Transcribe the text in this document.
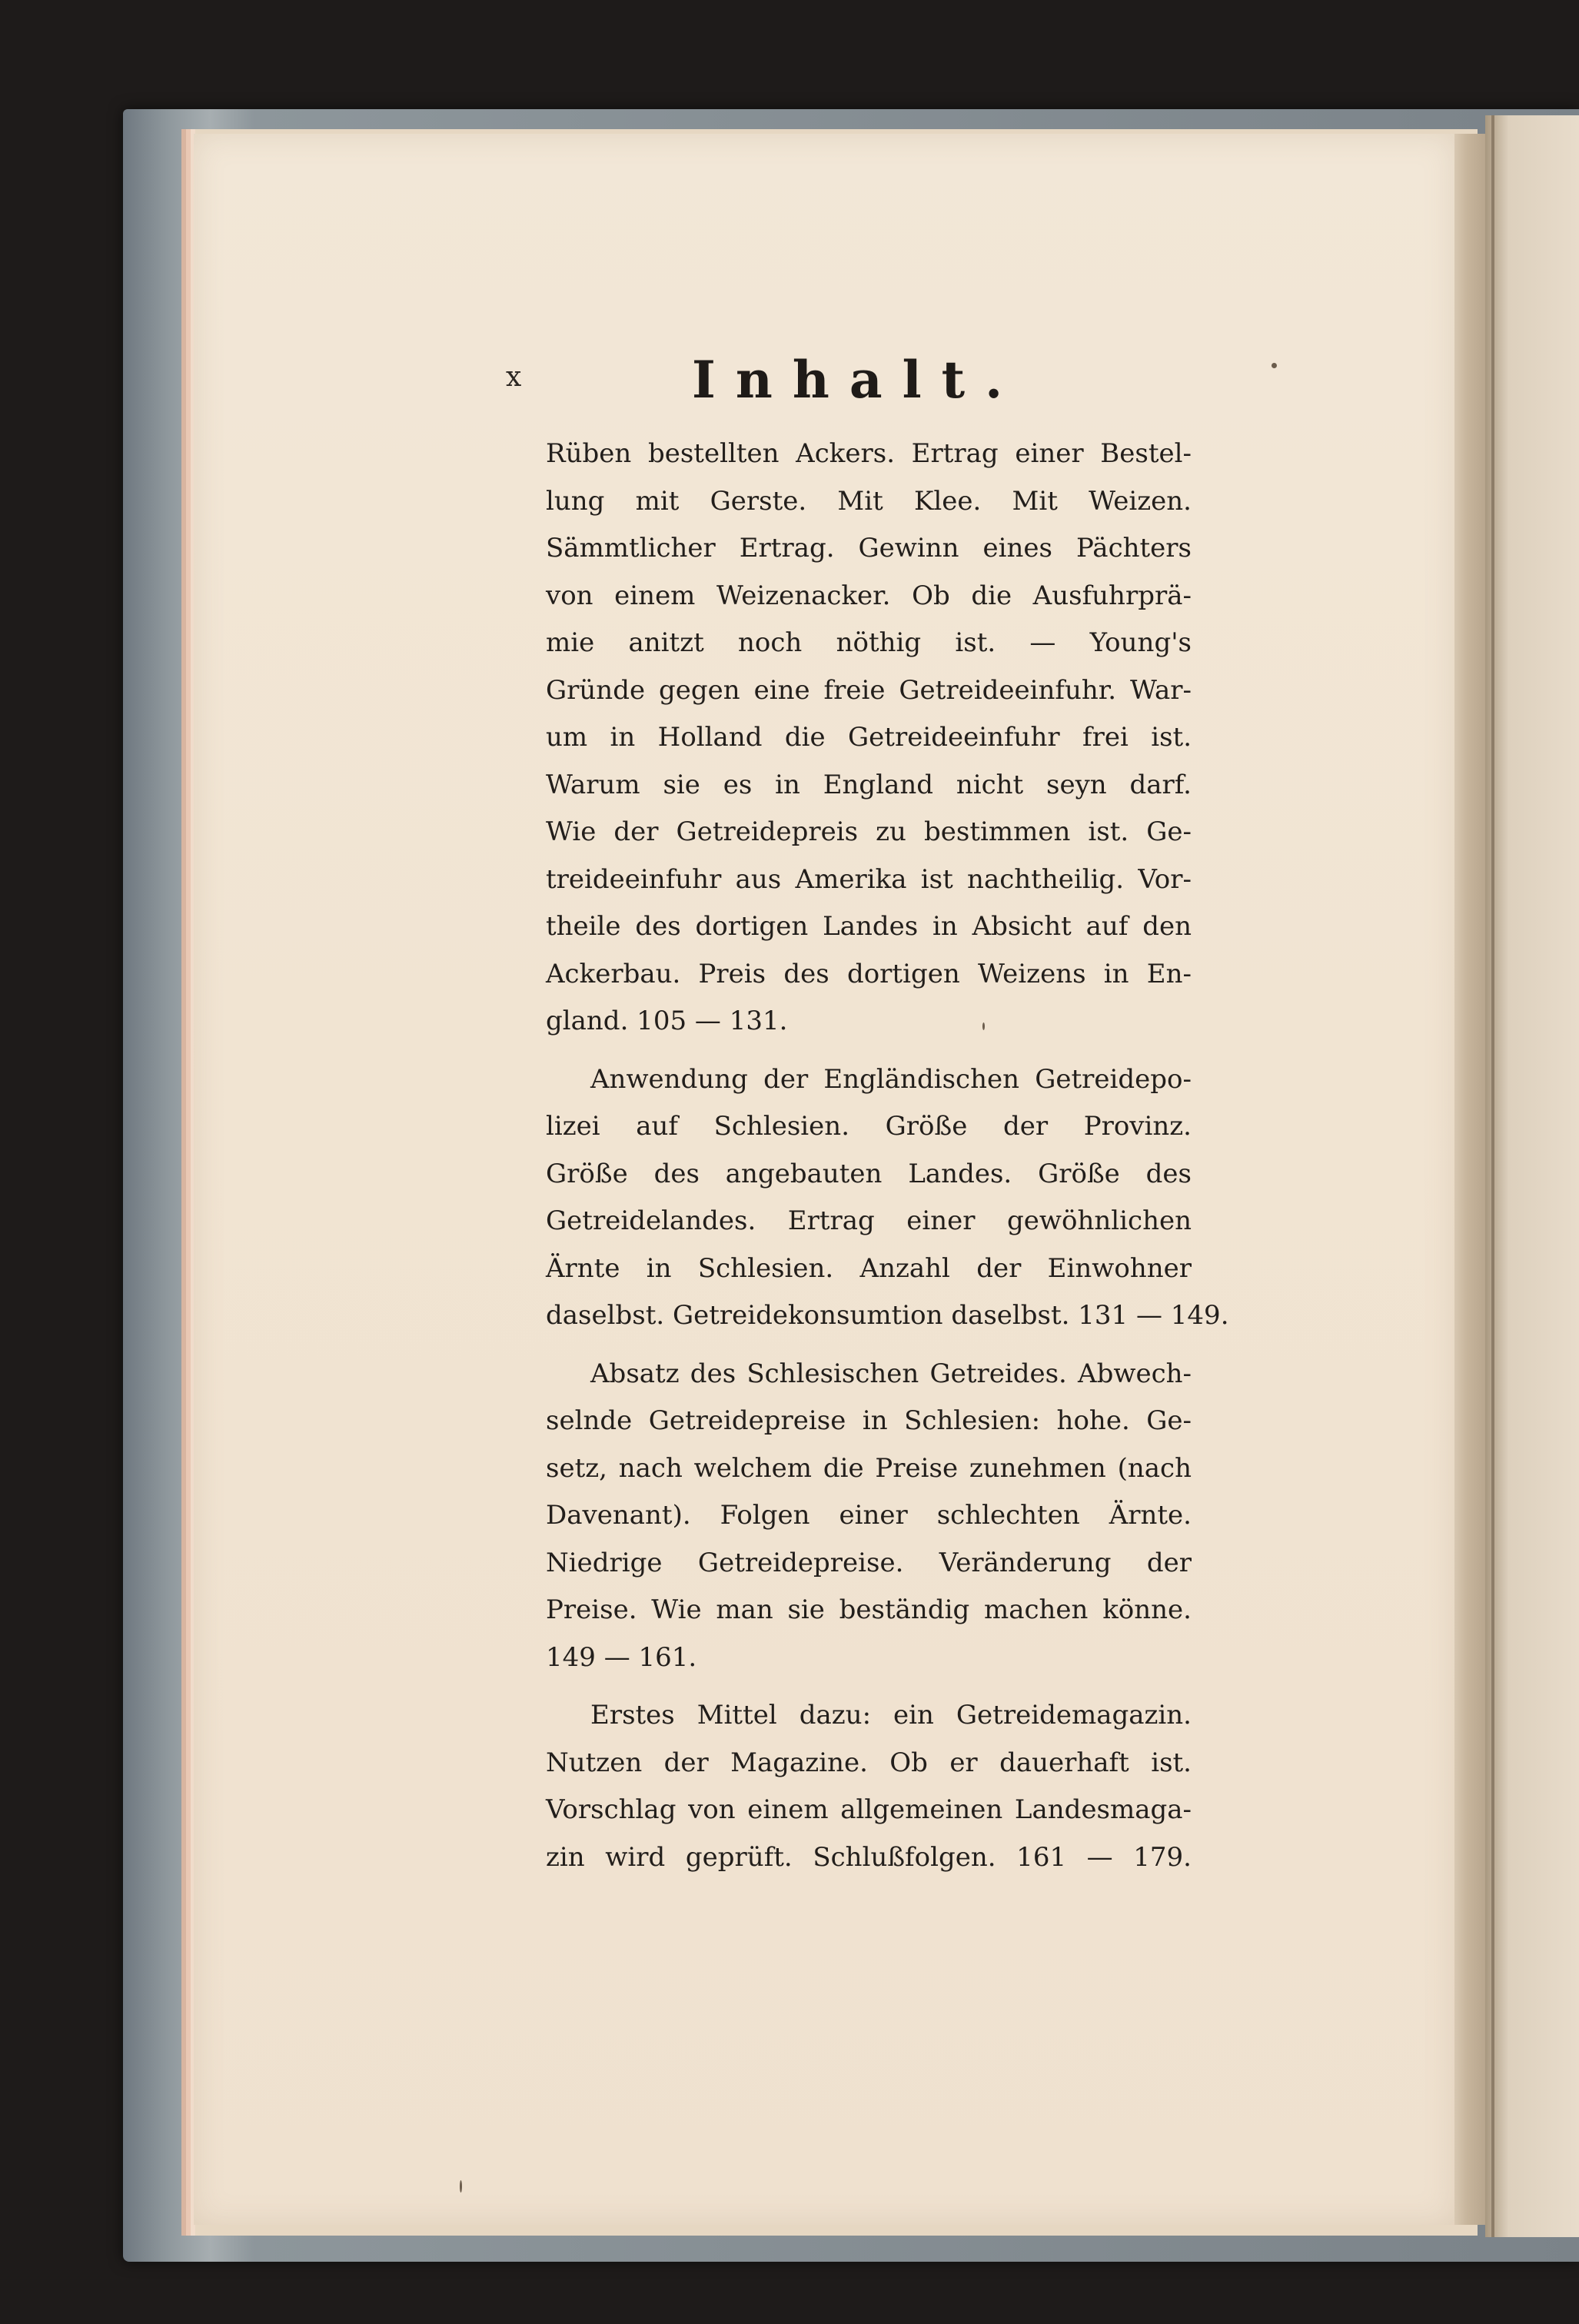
x	Inhalt.
Rüben bestellten Ackers. Ertrag einer Bestel-
lung mit Gerste. Mit Klee. Mit Weizen.
Sämmtlicher Ertrag. Gewinn eines Pächters
von einem Weizenacker. Ob die Ausfuhrprä-
mie anitzt noch nöthig ist. — Young's
Gründe gegen eine freie Getreideeinfuhr. War-
um in Holland die Getreideeinfuhr frei ist.
Warum sie es in England nicht seyn darf.
Wie der Getreidepreis zu bestimmen ist. Ge-
treideeinfuhr aus Amerika ist nachtheilig. Vor-
theile des dortigen Landes in Absicht auf den
Ackerbau. Preis des dortigen Weizens in En-
gland. 105 — 131.
Anwendung der Engländischen Getreidepo-
lizei auf Schlesien. Größe der Provinz.
Größe des angebauten Landes. Größe des
Getreidelandes. Ertrag einer gewöhnlichen
Ärnte in Schlesien. Anzahl der Einwohner
daselbst. Getreidekonsumtion daselbst. 131 — 149.
Absatz des Schlesischen Getreides. Abwech-
selnde Getreidepreise in Schlesien: hohe. Ge-
setz, nach welchem die Preise zunehmen (nach
Davenant). Folgen einer schlechten Ärnte.
Niedrige Getreidepreise. Veränderung der
Preise. Wie man sie beständig machen könne.
149 — 161.
Erstes Mittel dazu: ein Getreidemagazin.
Nutzen der Magazine. Ob er dauerhaft ist.
Vorschlag von einem allgemeinen Landesmaga-
zin wird geprüft. Schlußfolgen. 161 — 179.
